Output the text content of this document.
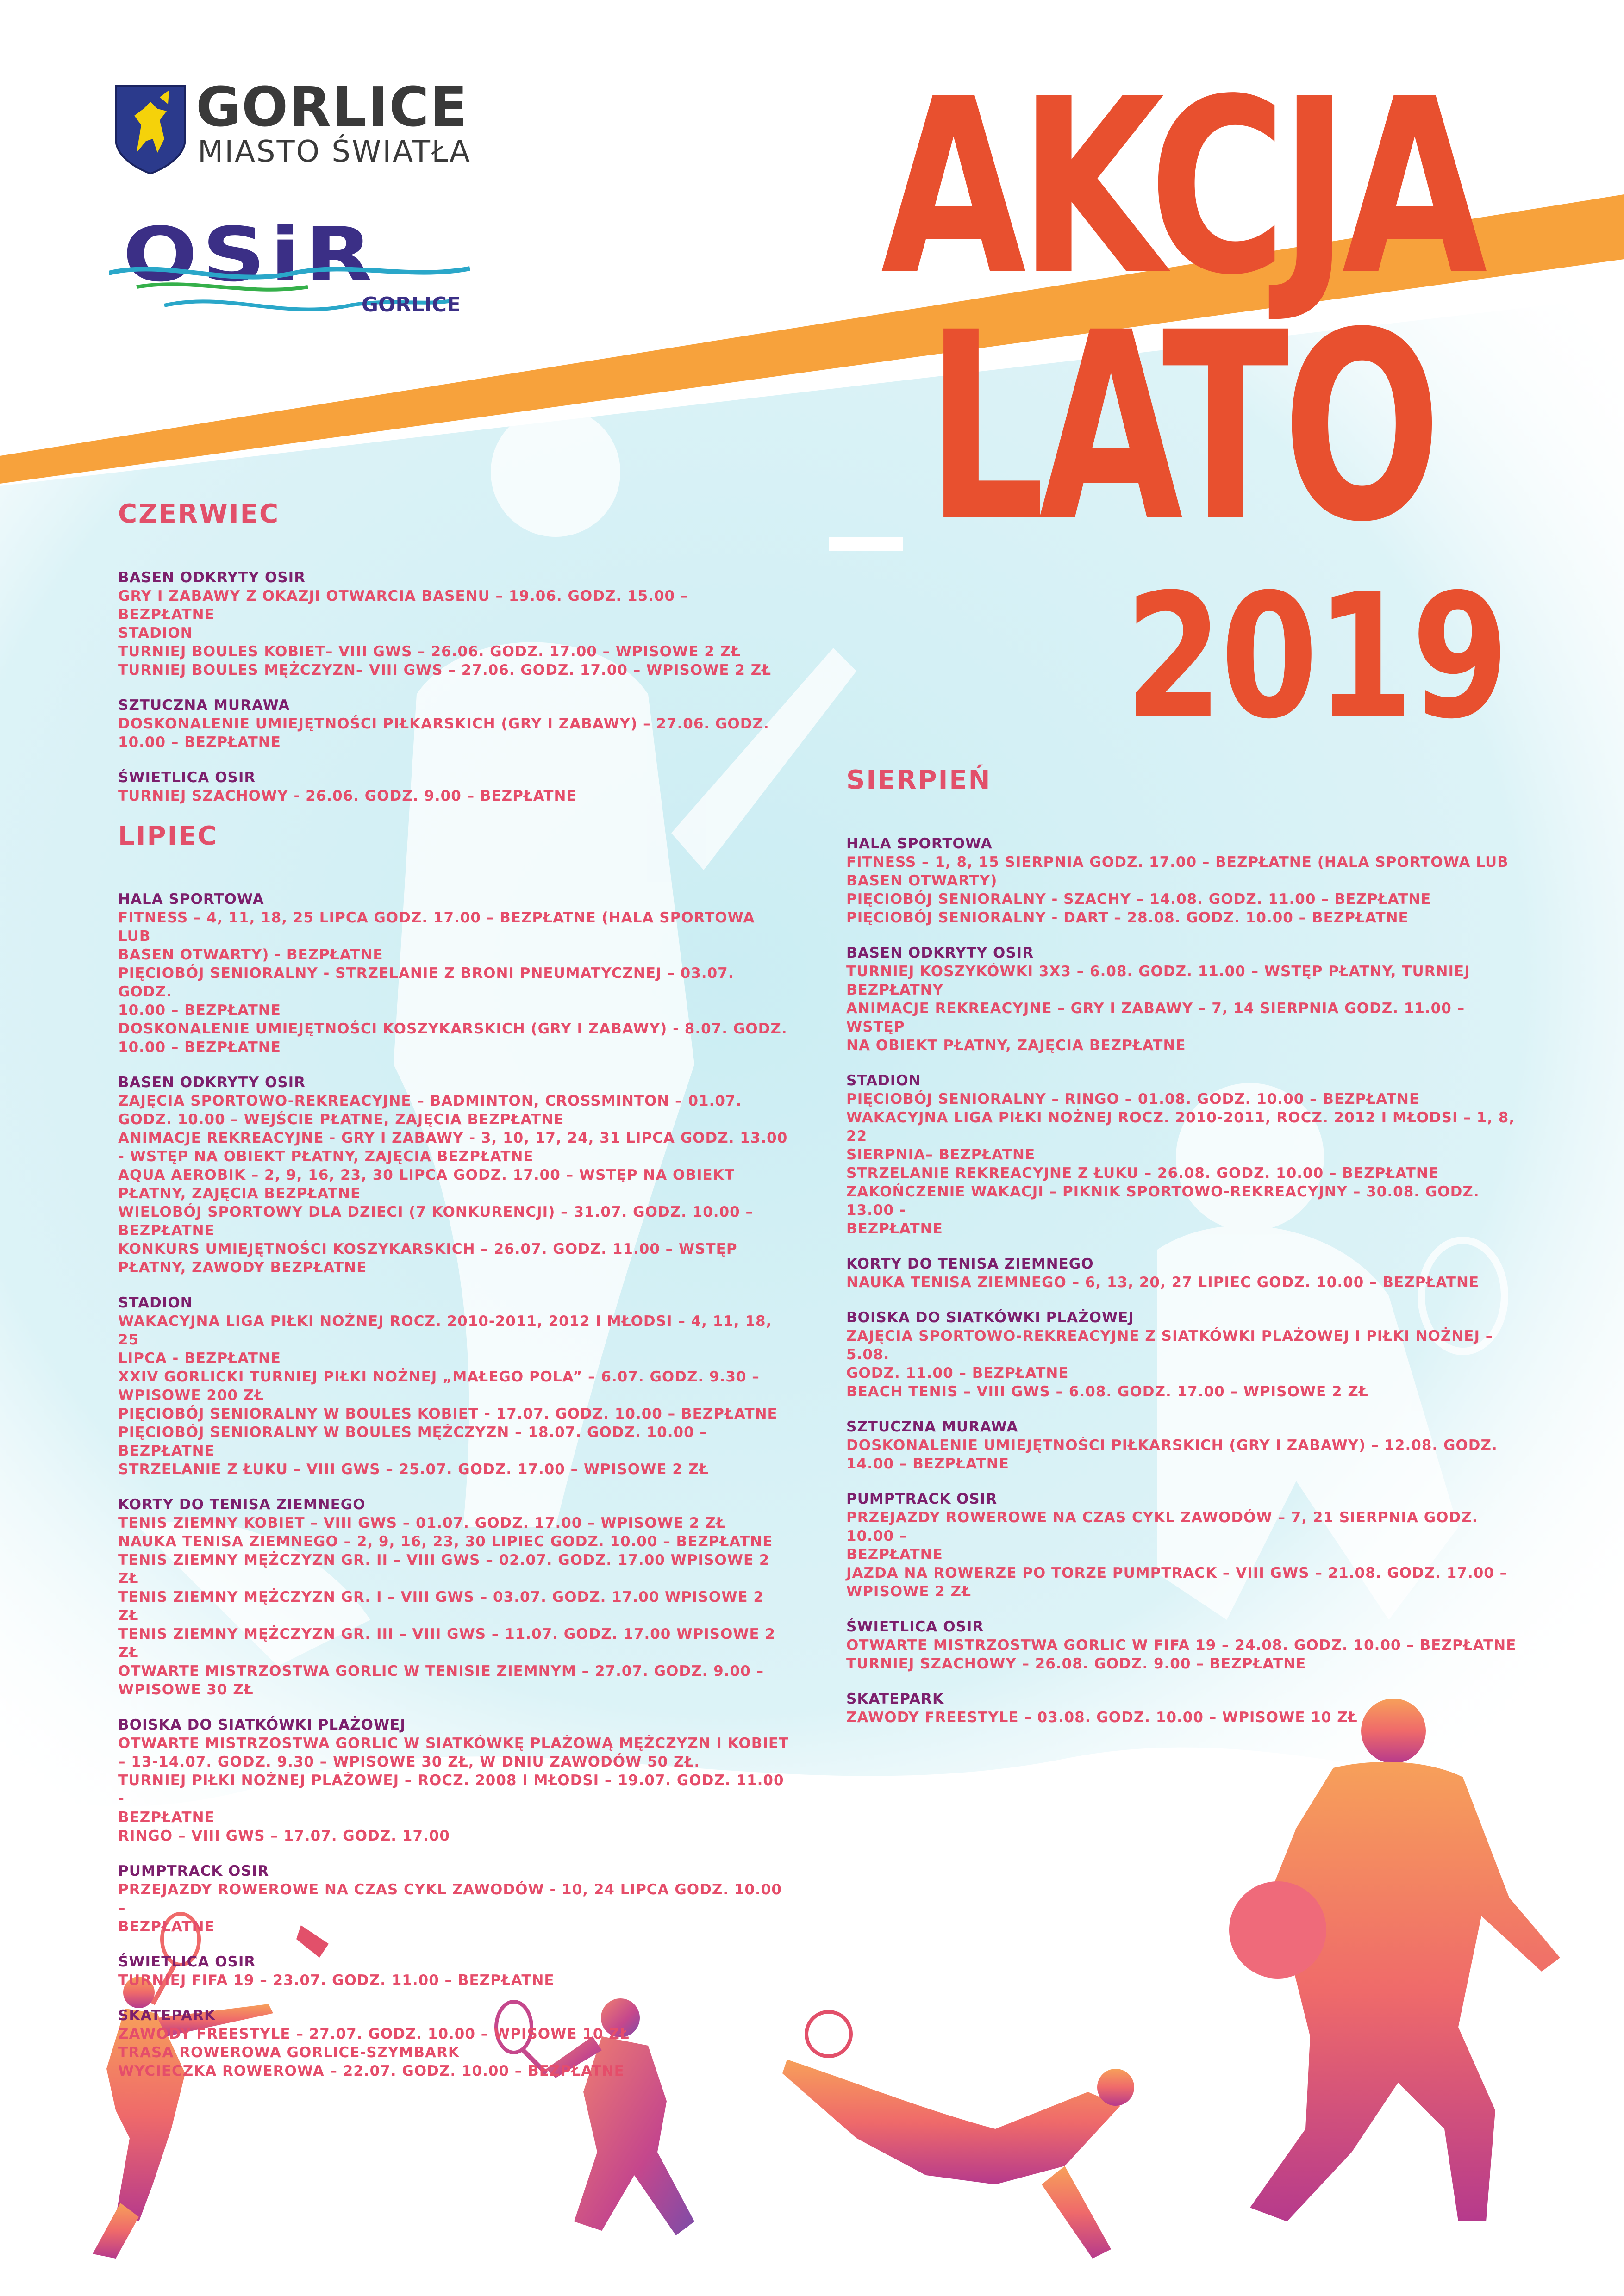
GORLICE
MIASTO ŚWIATŁA
OSiR
GORLICE AKCJA
LATO
2019
CZERWIEC
BASEN ODKRYTY OSIR
GRY I ZABAWY Z OKAZJI OTWARCIA BASENU – 19.06. GODZ. 15.00 – BEZPŁATNE
STADION
TURNIEJ BOULES KOBIET– VIII GWS – 26.06. GODZ. 17.00 – WPISOWE 2 ZŁ
TURNIEJ BOULES MĘŻCZYZN– VIII GWS – 27.06. GODZ. 17.00 – WPISOWE 2 ZŁ
SZTUCZNA MURAWA
DOSKONALENIE UMIEJĘTNOŚCI PIŁKARSKICH (GRY I ZABAWY) – 27.06. GODZ.
10.00 – BEZPŁATNE
ŚWIETLICA OSIR
TURNIEJ SZACHOWY - 26.06. GODZ. 9.00 – BEZPŁATNE
LIPIEC
HALA SPORTOWA
FITNESS – 4, 11, 18, 25 LIPCA GODZ. 17.00 – BEZPŁATNE (HALA SPORTOWA LUB
BASEN OTWARTY) - BEZPŁATNE
PIĘCIOBÓJ SENIORALNY - STRZELANIE Z BRONI PNEUMATYCZNEJ – 03.07. GODZ.
10.00 – BEZPŁATNE
DOSKONALENIE UMIEJĘTNOŚCI KOSZYKARSKICH (GRY I ZABAWY) - 8.07. GODZ.
10.00 – BEZPŁATNE
BASEN ODKRYTY OSIR
ZAJĘCIA SPORTOWO-REKREACYJNE – BADMINTON, CROSSMINTON – 01.07.
GODZ. 10.00 – WEJŚCIE PŁATNE, ZAJĘCIA BEZPŁATNE
ANIMACJE REKREACYJNE - GRY I ZABAWY - 3, 10, 17, 24, 31 LIPCA GODZ. 13.00
- WSTĘP NA OBIEKT PŁATNY, ZAJĘCIA BEZPŁATNE
AQUA AEROBIK – 2, 9, 16, 23, 30 LIPCA GODZ. 17.00 – WSTĘP NA OBIEKT
PŁATNY, ZAJĘCIA BEZPŁATNE
WIELOBÓJ SPORTOWY DLA DZIECI (7 KONKURENCJI) – 31.07. GODZ. 10.00 –
BEZPŁATNE
KONKURS UMIEJĘTNOŚCI KOSZYKARSKICH – 26.07. GODZ. 11.00 – WSTĘP
PŁATNY, ZAWODY BEZPŁATNE
STADION
WAKACYJNA LIGA PIŁKI NOŻNEJ ROCZ. 2010-2011, 2012 I MŁODSI – 4, 11, 18, 25
LIPCA - BEZPŁATNE
XXIV GORLICKI TURNIEJ PIŁKI NOŻNEJ „MAŁEGO POLA” – 6.07. GODZ. 9.30 –
WPISOWE 200 ZŁ
PIĘCIOBÓJ SENIORALNY W BOULES KOBIET - 17.07. GODZ. 10.00 – BEZPŁATNE
PIĘCIOBÓJ SENIORALNY W BOULES MĘŻCZYZN – 18.07. GODZ. 10.00 –
BEZPŁATNE
STRZELANIE Z ŁUKU – VIII GWS – 25.07. GODZ. 17.00 – WPISOWE 2 ZŁ
KORTY DO TENISA ZIEMNEGO
TENIS ZIEMNY KOBIET – VIII GWS – 01.07. GODZ. 17.00 – WPISOWE 2 ZŁ
NAUKA TENISA ZIEMNEGO – 2, 9, 16, 23, 30 LIPIEC GODZ. 10.00 – BEZPŁATNE
TENIS ZIEMNY MĘŻCZYZN GR. II – VIII GWS – 02.07. GODZ. 17.00 WPISOWE 2 ZŁ
TENIS ZIEMNY MĘŻCZYZN GR. I – VIII GWS – 03.07. GODZ. 17.00 WPISOWE 2 ZŁ
TENIS ZIEMNY MĘŻCZYZN GR. III – VIII GWS – 11.07. GODZ. 17.00 WPISOWE 2
ZŁ
OTWARTE MISTRZOSTWA GORLIC W TENISIE ZIEMNYM – 27.07. GODZ. 9.00 –
WPISOWE 30 ZŁ
BOISKA DO SIATKÓWKI PLAŻOWEJ
OTWARTE MISTRZOSTWA GORLIC W SIATKÓWKĘ PLAŻOWĄ MĘŻCZYZN I KOBIET
– 13-14.07. GODZ. 9.30 – WPISOWE 30 ZŁ, W DNIU ZAWODÓW 50 ZŁ.
TURNIEJ PIŁKI NOŻNEJ PLAŻOWEJ – ROCZ. 2008 I MŁODSI – 19.07. GODZ. 11.00 -
BEZPŁATNE
RINGO – VIII GWS – 17.07. GODZ. 17.00
PUMPTRACK OSIR
PRZEJAZDY ROWEROWE NA CZAS CYKL ZAWODÓW - 10, 24 LIPCA GODZ. 10.00 –
BEZPŁATNE
ŚWIETLICA OSIR
TURNIEJ FIFA 19 – 23.07. GODZ. 11.00 – BEZPŁATNE
SKATEPARK
ZAWODY FREESTYLE – 27.07. GODZ. 10.00 – WPISOWE 10 ZŁ
TRASA ROWEROWA GORLICE-SZYMBARK
WYCIECZKA ROWEROWA – 22.07. GODZ. 10.00 – BEZPŁATNE
SIERPIEŃ
HALA SPORTOWA
FITNESS – 1, 8, 15 SIERPNIA GODZ. 17.00 – BEZPŁATNE (HALA SPORTOWA LUB
BASEN OTWARTY)
PIĘCIOBÓJ SENIORALNY - SZACHY – 14.08. GODZ. 11.00 – BEZPŁATNE
PIĘCIOBÓJ SENIORALNY - DART – 28.08. GODZ. 10.00 – BEZPŁATNE
BASEN ODKRYTY OSIR
TURNIEJ KOSZYKÓWKI 3X3 – 6.08. GODZ. 11.00 – WSTĘP PŁATNY, TURNIEJ
BEZPŁATNY
ANIMACJE REKREACYJNE – GRY I ZABAWY – 7, 14 SIERPNIA GODZ. 11.00 – WSTĘP
NA OBIEKT PŁATNY, ZAJĘCIA BEZPŁATNE
STADION
PIĘCIOBÓJ SENIORALNY – RINGO – 01.08. GODZ. 10.00 – BEZPŁATNE
WAKACYJNA LIGA PIŁKI NOŻNEJ ROCZ. 2010-2011, ROCZ. 2012 I MŁODSI – 1, 8, 22
SIERPNIA– BEZPŁATNE
STRZELANIE REKREACYJNE Z ŁUKU – 26.08. GODZ. 10.00 – BEZPŁATNE
ZAKOŃCZENIE WAKACJI – PIKNIK SPORTOWO-REKREACYJNY – 30.08. GODZ. 13.00 -
BEZPŁATNE
KORTY DO TENISA ZIEMNEGO
NAUKA TENISA ZIEMNEGO – 6, 13, 20, 27 LIPIEC GODZ. 10.00 – BEZPŁATNE
BOISKA DO SIATKÓWKI PLAŻOWEJ
ZAJĘCIA SPORTOWO-REKREACYJNE Z SIATKÓWKI PLAŻOWEJ I PIŁKI NOŻNEJ – 5.08.
GODZ. 11.00 – BEZPŁATNE
BEACH TENIS – VIII GWS – 6.08. GODZ. 17.00 – WPISOWE 2 ZŁ
SZTUCZNA MURAWA
DOSKONALENIE UMIEJĘTNOŚCI PIŁKARSKICH (GRY I ZABAWY) – 12.08. GODZ.
14.00 – BEZPŁATNE
PUMPTRACK OSIR
PRZEJAZDY ROWEROWE NA CZAS CYKL ZAWODÓW – 7, 21 SIERPNIA GODZ. 10.00 –
BEZPŁATNE
JAZDA NA ROWERZE PO TORZE PUMPTRACK – VIII GWS – 21.08. GODZ. 17.00 –
WPISOWE 2 ZŁ
ŚWIETLICA OSIR
OTWARTE MISTRZOSTWA GORLIC W FIFA 19 – 24.08. GODZ. 10.00 – BEZPŁATNE
TURNIEJ SZACHOWY – 26.08. GODZ. 9.00 – BEZPŁATNE
SKATEPARK
ZAWODY FREESTYLE – 03.08. GODZ. 10.00 – WPISOWE 10 ZŁ
